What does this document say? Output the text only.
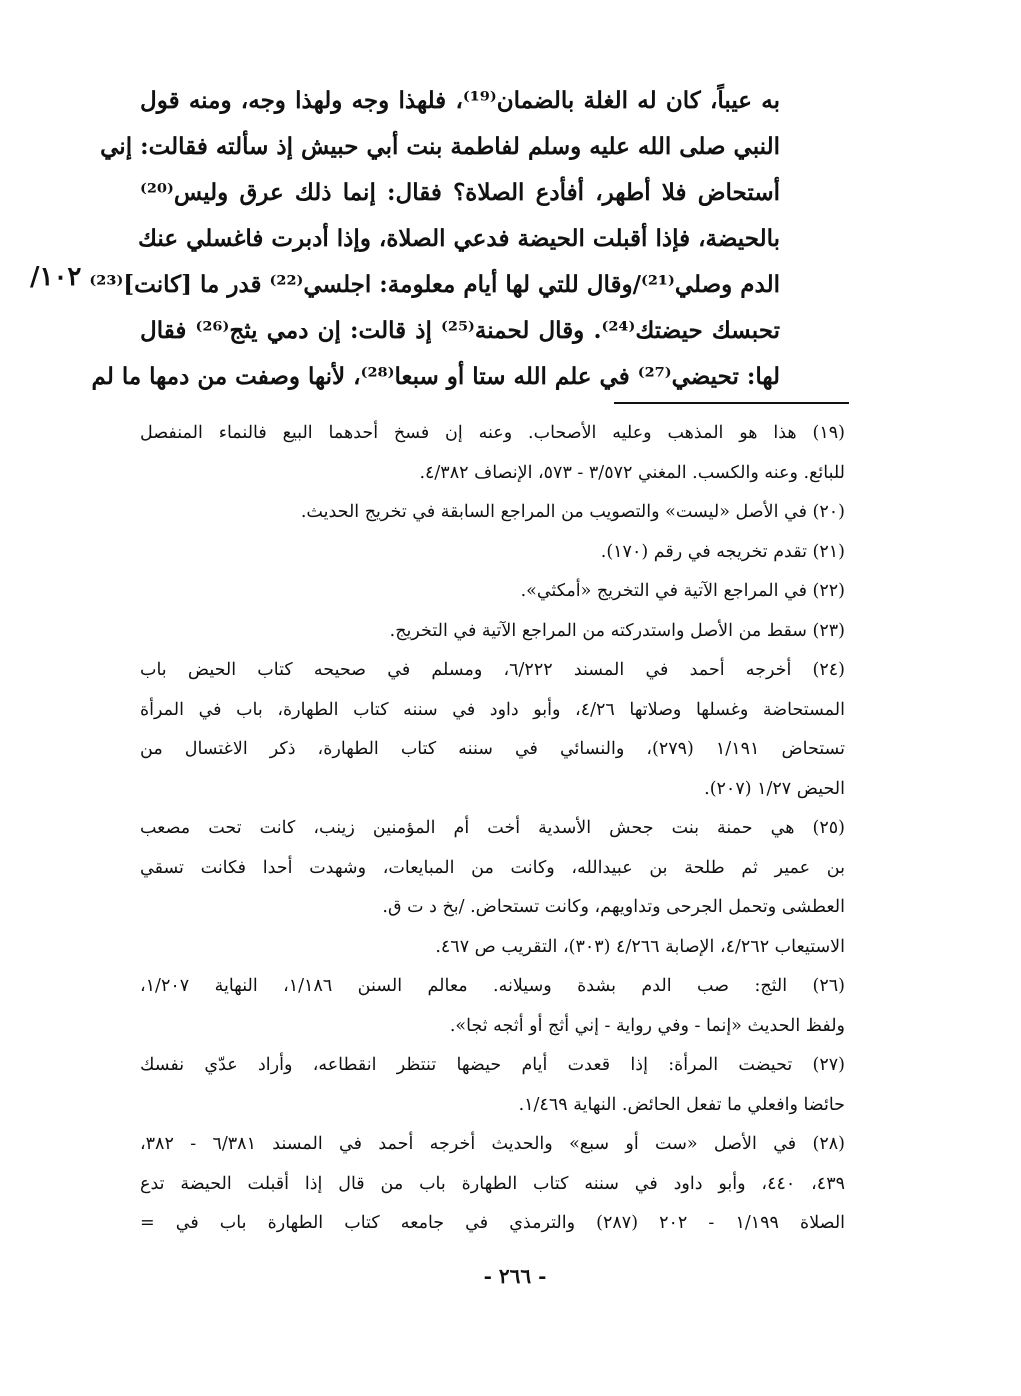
به عيباً، كان له الغلة بالضمان⁽¹⁹⁾، فلهذا وجه ولهذا وجه، ومنه قول
النبي صلى الله عليه وسلم لفاطمة بنت أبي حبيش إذ سألته فقالت: إني
أستحاض فلا أطهر، أفأدع الصلاة؟ فقال: إنما ذلك عرق وليس⁽²⁰⁾
بالحيضة، فإذا أقبلت الحيضة فدعي الصلاة، وإذا أدبرت فاغسلي عنك
الدم وصلي⁽²¹⁾/وقال للتي لها أيام معلومة: اجلسي⁽²²⁾ قدر ما [كانت]⁽²³⁾
تحبسك حيضتك⁽²⁴⁾. وقال لحمنة⁽²⁵⁾ إذ قالت: إن دمي يثج⁽²⁶⁾ فقال
لها: تحيضي⁽²⁷⁾ في علم الله ستا أو سبعا⁽²⁸⁾، لأنها وصفت من دمها ما لم
١٠٢/
(١٩) هذا هو المذهب وعليه الأصحاب. وعنه إن فسخ أحدهما البيع فالنماء المنفصل
للبائع. وعنه والكسب. المغني ٣/٥٧٢ - ٥٧٣، الإنصاف ٤/٣٨٢.
(٢٠) في الأصل «ليست» والتصويب من المراجع السابقة في تخريج الحديث.
(٢١) تقدم تخريجه في رقم (١٧٠).
(٢٢) في المراجع الآتية في التخريج «أمكثي».
(٢٣) سقط من الأصل واستدركته من المراجع الآتية في التخريج.
(٢٤) أخرجه أحمد في المسند ٦/٢٢٢، ومسلم في صحيحه كتاب الحيض باب
المستحاضة وغسلها وصلاتها ٤/٢٦، وأبو داود في سننه كتاب الطهارة، باب في المرأة
تستحاض ١/١٩١ (٢٧٩)، والنسائي في سننه كتاب الطهارة، ذكر الاغتسال من
الحيض ١/٢٧ (٢٠٧).
(٢٥) هي حمنة بنت جحش الأسدية أخت أم المؤمنين زينب، كانت تحت مصعب
بن عمير ثم طلحة بن عبيدالله، وكانت من المبايعات، وشهدت أحدا فكانت تسقي
العطشى وتحمل الجرحى وتداويهم، وكانت تستحاض. /بخ د ت ق.
الاستيعاب ٤/٢٦٢، الإصابة ٤/٢٦٦ (٣٠٣)، التقريب ص ٤٦٧.
(٢٦) الثج: صب الدم بشدة وسيلانه. معالم السنن ١/١٨٦، النهاية ١/٢٠٧،
ولفظ الحديث «إنما - وفي رواية - إني أثج أو أثجه ثجا».
(٢٧) تحيضت المرأة: إذا قعدت أيام حيضها تنتظر انقطاعه، وأراد عدّي نفسك
حائضا وافعلي ما تفعل الحائض. النهاية ١/٤٦٩.
(٢٨) في الأصل «ست أو سبع» والحديث أخرجه أحمد في المسند ٦/٣٨١ - ٣٨٢،
٤٣٩، ٤٤٠، وأبو داود في سننه كتاب الطهارة باب من قال إذا أقبلت الحيضة تدع
الصلاة ١/١٩٩ - ٢٠٢ (٢٨٧) والترمذي في جامعه كتاب الطهارة باب في =
- ٢٦٦ -
